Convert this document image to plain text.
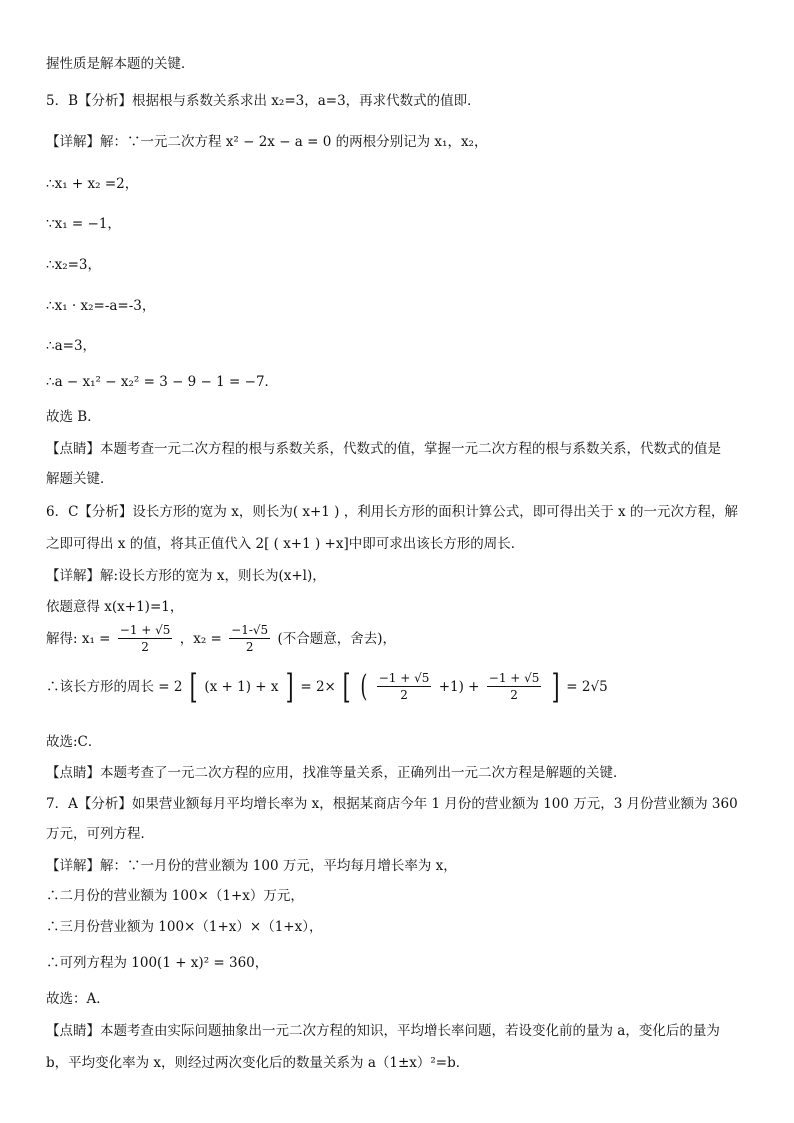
握性质是解本题的关键．
5．B【分析】根据根与系数关系求出 x₂=3，a=3，再求代数式的值即．
【详解】解：∵一元二次方程 x² − 2x − a = 0 的两根分别记为 x₁，x₂，
∴x₁ + x₂ =2，
∵x₁ = −1，
∴x₂=3，
∴x₁ · x₂=-a=-3，
∴a=3，
∴a − x₁² − x₂² = 3 − 9 − 1 = −7．
故选 B．
【点睛】本题考查一元二次方程的根与系数关系，代数式的值，掌握一元二次方程的根与系数关系，代数式的值是
解题关键．
6．C【分析】设长方形的宽为 x，则长为( x+1 ) ，利用长方形的面积计算公式，即可得出关于 x 的一元次方程，解
之即可得出 x 的值，将其正值代入 2[ ( x+1 ) +x]中即可求出该长方形的周长．
【详解】解:设长方形的宽为 x，则长为(x+l)，
依题意得 x(x+1)=1，
解得: $x_1 = \frac{-1 + √5}{2}$ ，$x_2 = \frac{-1-√5}{2}$ (不合题意，舍去)，
∴该长方形的周长 = 2 [ (x + 1) + x ] = 2× [ ( $\frac{-1 + √5}{2} +1) + \frac{-1 + √5}{2}$ ] = 2√5
故选:C．
【点睛】本题考查了一元二次方程的应用，找准等量关系，正确列出一元二次方程是解题的关键．
7．A【分析】如果营业额每月平均增长率为 x，根据某商店今年 1 月份的营业额为 100 万元，3 月份营业额为 360
万元，可列方程．
【详解】解：∵一月份的营业额为 100 万元，平均每月增长率为 x，
∴二月份的营业额为 100×（1+x）万元，
∴三月份营业额为 100×（1+x）×（1+x），
∴可列方程为 100(1 + x)² = 360，
故选：A．
【点睛】本题考查由实际问题抽象出一元二次方程的知识，平均增长率问题，若设变化前的量为 a，变化后的量为
b，平均变化率为 x，则经过两次变化后的数量关系为 a（1±x）²=b．
